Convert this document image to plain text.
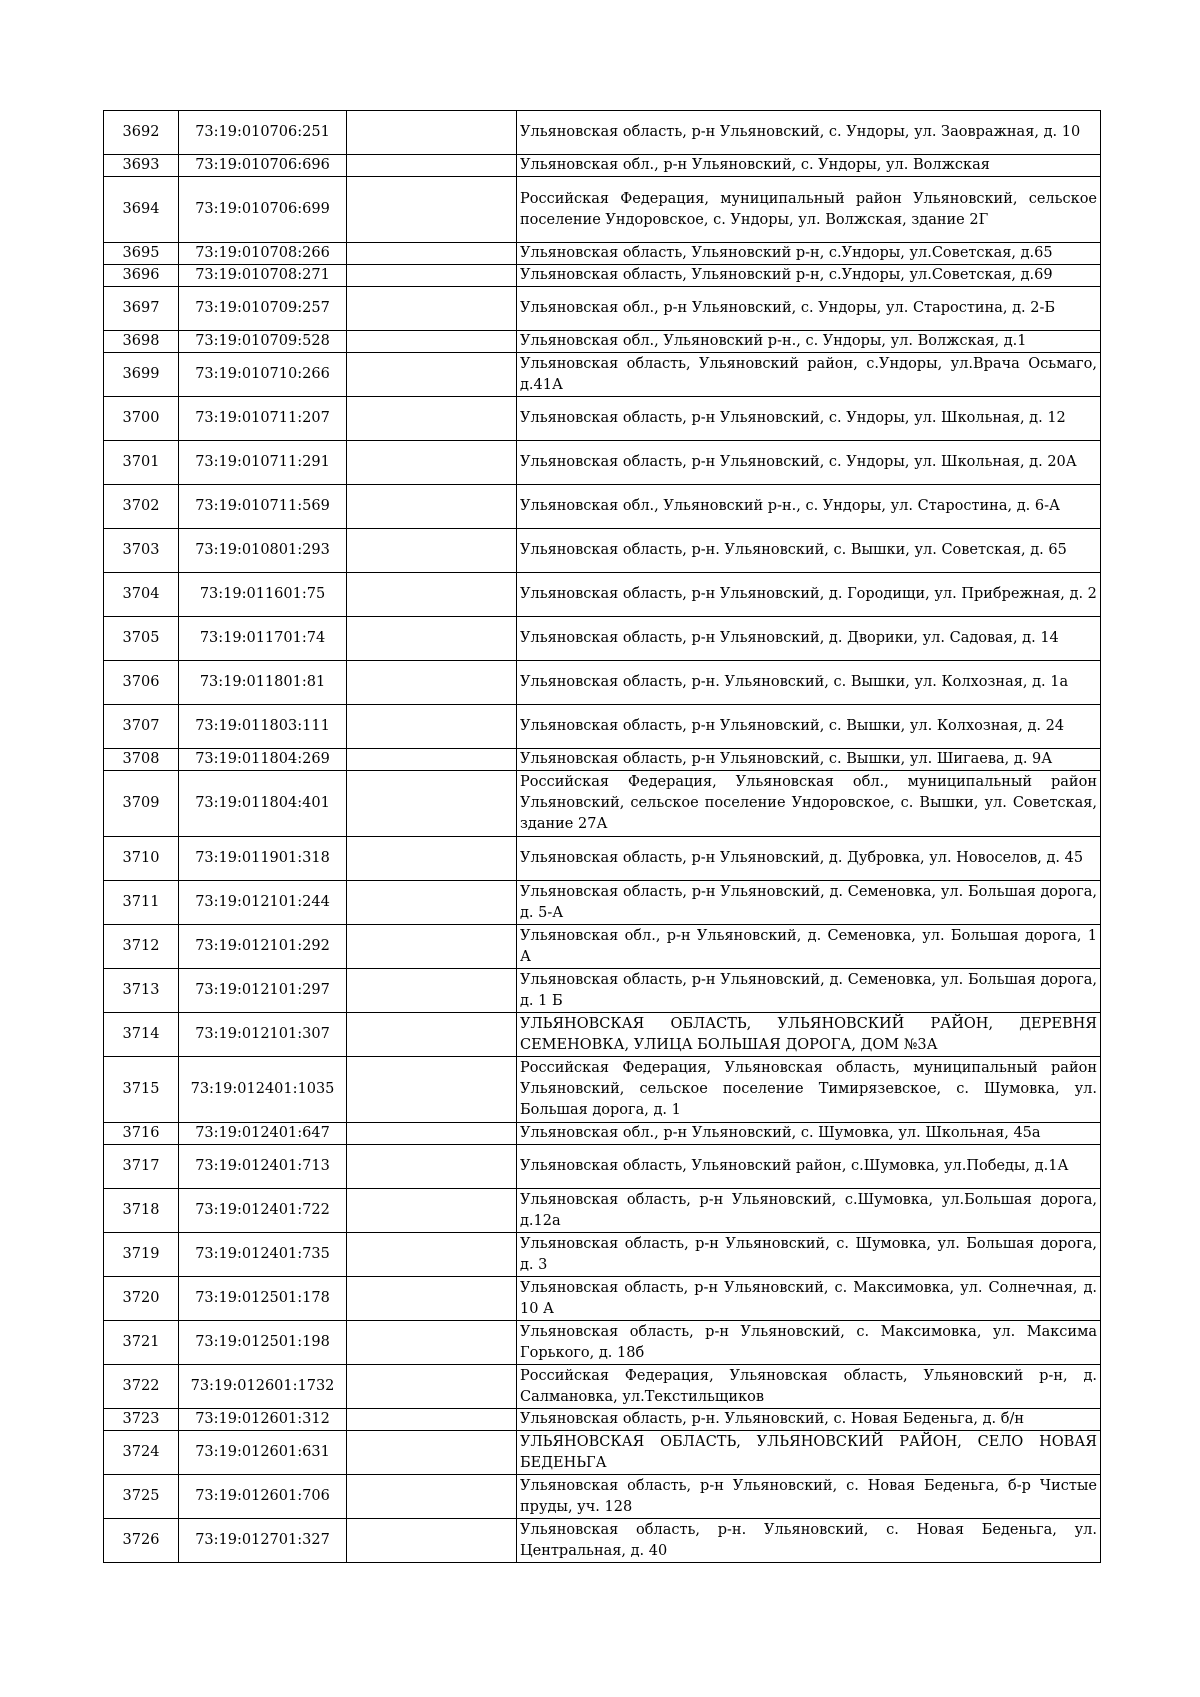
3692	73:19:010706:251		Ульяновская область, р-н Ульяновский, с. Ундоры, ул. Заовражная, д. 10
3693	73:19:010706:696		Ульяновская обл., р-н Ульяновский, с. Ундоры, ул. Волжская
3694	73:19:010706:699		Российская Федерация, муниципальный район Ульяновский, сельское поселение Ундоровское, с. Ундоры, ул. Волжская, здание 2Г
3695	73:19:010708:266		Ульяновская область, Ульяновский р-н, с.Ундоры, ул.Советская, д.65
3696	73:19:010708:271		Ульяновская область, Ульяновский р-н, с.Ундоры, ул.Советская, д.69
3697	73:19:010709:257		Ульяновская обл., р-н Ульяновский, с. Ундоры, ул. Старостина, д. 2-Б
3698	73:19:010709:528		Ульяновская обл., Ульяновский р-н., с. Ундоры, ул. Волжская, д.1
3699	73:19:010710:266		Ульяновская область, Ульяновский район, с.Ундоры, ул.Врача Осьмаго, д.41А
3700	73:19:010711:207		Ульяновская область, р-н Ульяновский, с. Ундоры, ул. Школьная, д. 12
3701	73:19:010711:291		Ульяновская область, р-н Ульяновский, с. Ундоры, ул. Школьная, д. 20А
3702	73:19:010711:569		Ульяновская обл., Ульяновский р-н., с. Ундоры, ул. Старостина, д. 6-А
3703	73:19:010801:293		Ульяновская область, р-н. Ульяновский, с. Вышки, ул. Советская, д. 65
3704	73:19:011601:75		Ульяновская область, р-н Ульяновский, д. Городищи, ул. Прибрежная, д. 2
3705	73:19:011701:74		Ульяновская область, р-н Ульяновский, д. Дворики, ул. Садовая, д. 14
3706	73:19:011801:81		Ульяновская область, р-н. Ульяновский, с. Вышки, ул. Колхозная, д. 1а
3707	73:19:011803:111		Ульяновская область, р-н Ульяновский, с. Вышки, ул. Колхозная, д. 24
3708	73:19:011804:269		Ульяновская область, р-н Ульяновский, с. Вышки, ул. Шигаева, д. 9А
3709	73:19:011804:401		Российская Федерация, Ульяновская обл., муниципальный район Ульяновский, сельское поселение Ундоровское, с. Вышки, ул. Советская, здание 27А
3710	73:19:011901:318		Ульяновская область, р-н Ульяновский, д. Дубровка, ул. Новоселов, д. 45
3711	73:19:012101:244		Ульяновская область, р-н Ульяновский, д. Семеновка, ул. Большая дорога, д. 5-А
3712	73:19:012101:292		Ульяновская обл., р-н Ульяновский, д. Семеновка, ул. Большая дорога, 1 А
3713	73:19:012101:297		Ульяновская область, р-н Ульяновский, д. Семеновка, ул. Большая дорога, д. 1 Б
3714	73:19:012101:307		УЛЬЯНОВСКАЯ ОБЛАСТЬ, УЛЬЯНОВСКИЙ РАЙОН, ДЕРЕВНЯ СЕМЕНОВКА, УЛИЦА БОЛЬШАЯ ДОРОГА, ДОМ №3А
3715	73:19:012401:1035		Российская Федерация, Ульяновская область, муниципальный район Ульяновский, сельское поселение Тимирязевское, с. Шумовка, ул. Большая дорога, д. 1
3716	73:19:012401:647		Ульяновская обл., р-н Ульяновский, с. Шумовка, ул. Школьная, 45а
3717	73:19:012401:713		Ульяновская область, Ульяновский район, с.Шумовка, ул.Победы, д.1А
3718	73:19:012401:722		Ульяновская область, р-н Ульяновский, с.Шумовка, ул.Большая дорога, д.12а
3719	73:19:012401:735		Ульяновская область, р-н Ульяновский, с. Шумовка, ул. Большая дорога, д. 3
3720	73:19:012501:178		Ульяновская область, р-н Ульяновский, с. Максимовка, ул. Солнечная, д. 10 А
3721	73:19:012501:198		Ульяновская область, р-н Ульяновский, с. Максимовка, ул. Максима Горького, д. 18б
3722	73:19:012601:1732		Российская Федерация, Ульяновская область, Ульяновский р-н, д. Салмановка, ул.Текстильщиков
3723	73:19:012601:312		Ульяновская область, р-н. Ульяновский, с. Новая Беденьга, д. б/н
3724	73:19:012601:631		УЛЬЯНОВСКАЯ ОБЛАСТЬ, УЛЬЯНОВСКИЙ РАЙОН, СЕЛО НОВАЯ БЕДЕНЬГА
3725	73:19:012601:706		Ульяновская область, р-н Ульяновский, с. Новая Беденьга, б-р Чистые пруды, уч. 128
3726	73:19:012701:327		Ульяновская область, р-н. Ульяновский, с. Новая Беденьга, ул. Центральная, д. 40
